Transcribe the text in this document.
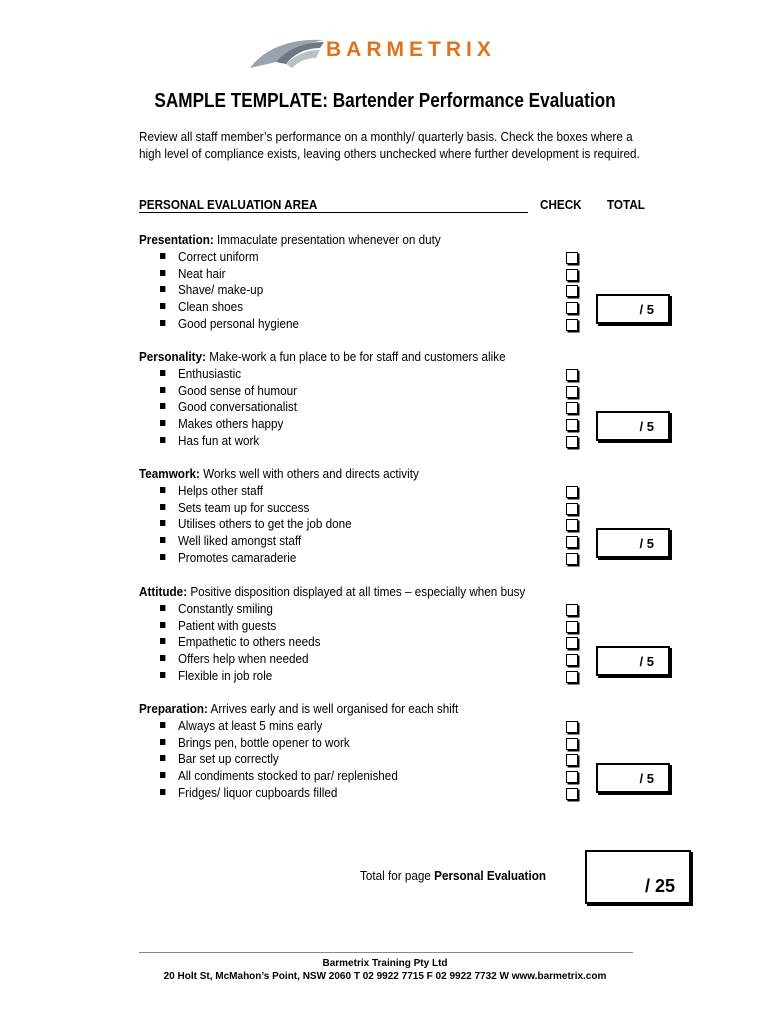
BARMETRIX
SAMPLE TEMPLATE: Bartender Performance Evaluation
Review all staff member’s performance on a monthly/ quarterly basis. Check the boxes where a high level of compliance exists, leaving others unchecked where further development is required.
PERSONAL EVALUATION AREA	CHECK TOTAL
Presentation: Immaculate presentation whenever on duty
Correct uniform
Neat hair
Shave/ make-up
Clean shoes
Good personal hygiene
/ 5
Personality: Make-work a fun place to be for staff and customers alike
Enthusiastic
Good sense of humour
Good conversationalist
Makes others happy
Has fun at work
/ 5
Teamwork: Works well with others and directs activity
Helps other staff
Sets team up for success
Utilises others to get the job done
Well liked amongst staff
Promotes camaraderie
/ 5
Attitude: Positive disposition displayed at all times – especially when busy
Constantly smiling
Patient with guests
Empathetic to others needs
Offers help when needed
Flexible in job role
/ 5
Preparation: Arrives early and is well organised for each shift
Always at least 5 mins early
Brings pen, bottle opener to work
Bar set up correctly
All condiments stocked to par/ replenished
Fridges/ liquor cupboards filled
/ 5
Total for page Personal Evaluation
/ 25
Barmetrix Training Pty Ltd
20 Holt St, McMahon’s Point, NSW 2060 T 02 9922 7715 F 02 9922 7732 W www.barmetrix.com
